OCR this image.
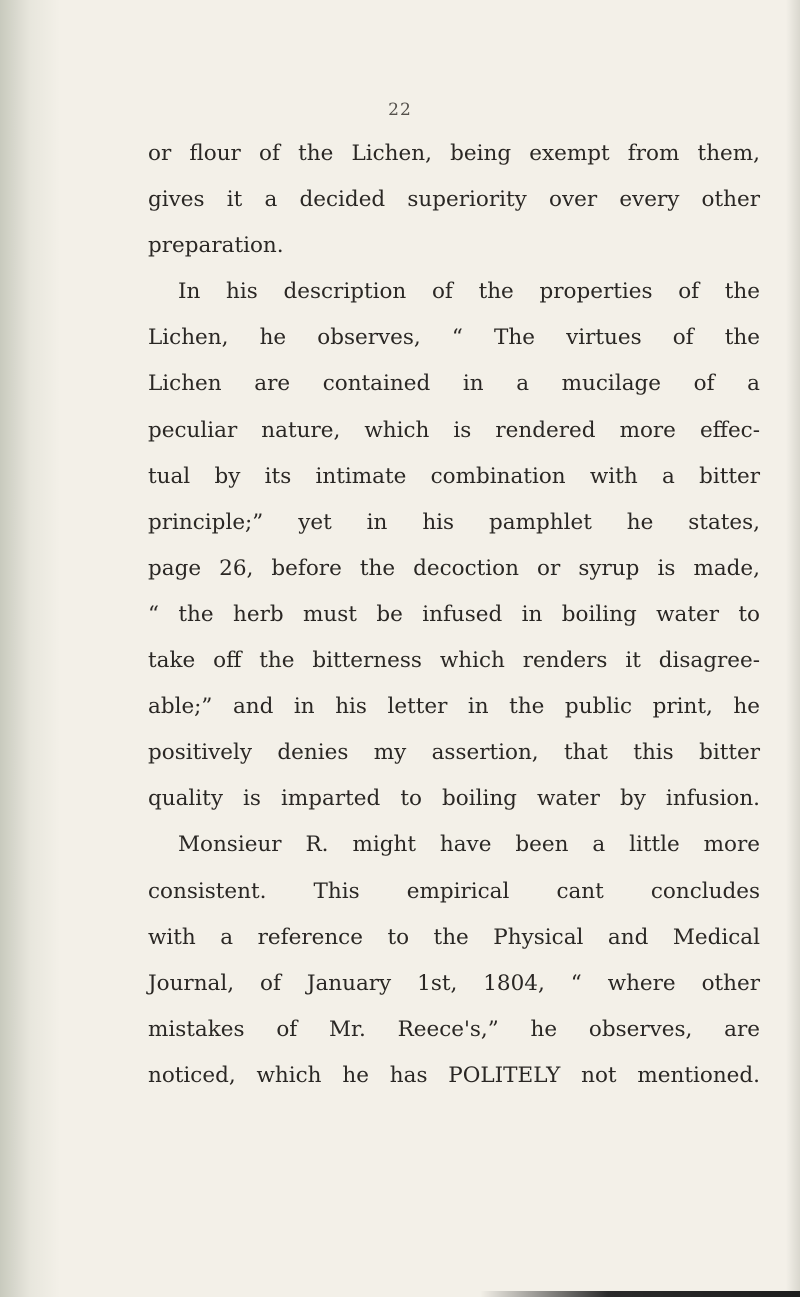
22
or flour of the Lichen, being exempt from them,
gives it a decided superiority over every other
preparation.
In his description of the properties of the
Lichen, he observes, “ The virtues of the
Lichen are contained in a mucilage of a
peculiar nature, which is rendered more effec-
tual by its intimate combination with a bitter
principle;” yet in his pamphlet he states,
page 26, before the decoction or syrup is made,
“ the herb must be infused in boiling water to
take off the bitterness which renders it disagree-
able;” and in his letter in the public print, he
positively denies my assertion, that this bitter
quality is imparted to boiling water by infusion.
Monsieur R. might have been a little more
consistent. This empirical cant concludes
with a reference to the Physical and Medical
Journal, of January 1st, 1804, “ where other
mistakes of Mr. Reece's,” he observes, are
noticed, which he has POLITELY not mentioned.
